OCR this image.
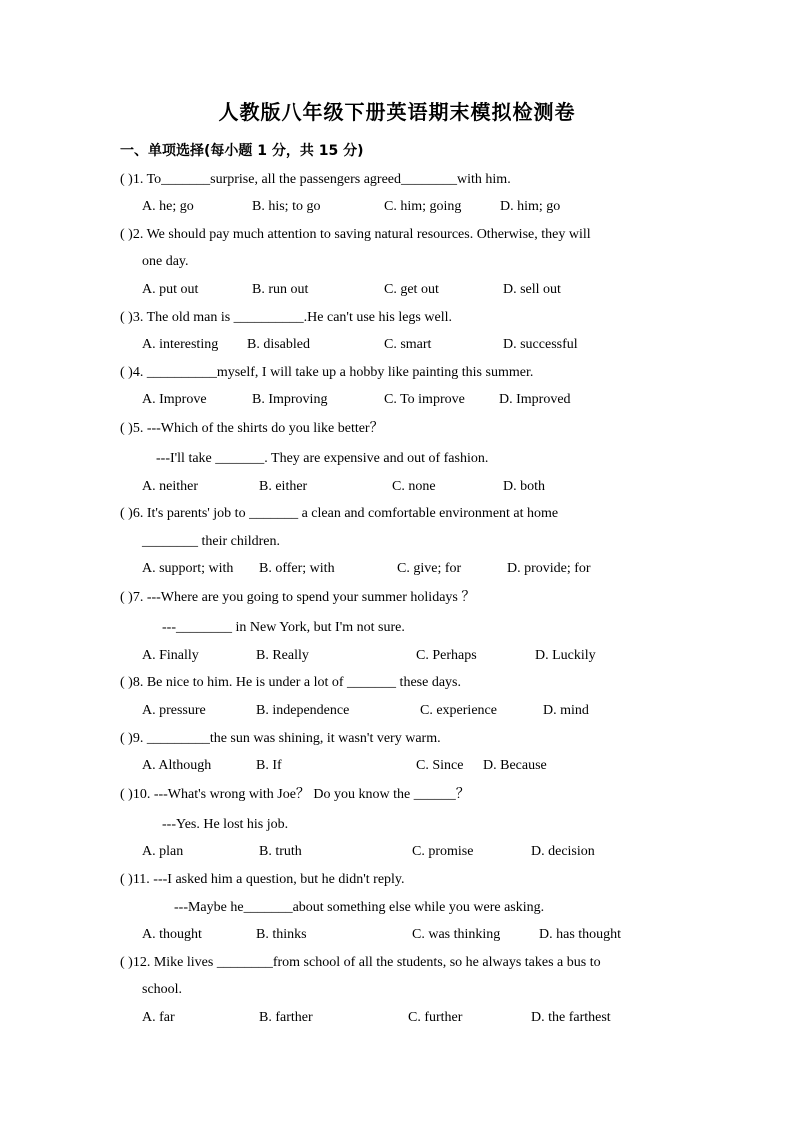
人教版八年级下册英语期末模拟检测卷
一、单项选择(每小题 1 分，共 15 分)
( )1. To_______surprise, all the passengers agreed________with him.
A. he; go	B. his; to go	C. him; going	D. him; go
( )2. We should pay much attention to saving natural resources. Otherwise, they will
one day.
A. put out	B. run out	C. get out	D. sell out
( )3. The old man is __________.He can't use his legs well.
A. interesting B. disabled	C. smart	D. successful
( )4. __________myself, I will take up a hobby like painting this summer.
A. Improve	B. Improving	C. To improve D. Improved
( )5. ---Which of the shirts do you like better？
---I'll take _______. They are expensive and out of fashion.
A. neither	B. either	C. none	D. both
( )6. It's parents' job to _______ a clean and comfortable environment at home
________ their children.
A. support; with B. offer; with	C. give; for	D. provide; for
( )7. ---Where are you going to spend your summer holidays ？
---________ in New York, but I'm not sure.
A. Finally	B. Really	C. Perhaps	D. Luckily
( )8. Be nice to him. He is under a lot of _______ these days.
A. pressure	B. independence	C. experience	D. mind
( )9. _________the sun was shining, it wasn't very warm.
A. Although	B. If	C. Since D. Because
( )10. ---What's wrong with Joe？ Do you know the ______？
---Yes. He lost his job.
A. plan	B. truth	C. promise	D. decision
( )11. ---I asked him a question, but he didn't reply.
---Maybe he_______about something else while you were asking.
A. thought	B. thinks	C. was thinking	D. has thought
( )12. Mike lives ________from school of all the students, so he always takes a bus to
school.
A. far	B. farther	C. further	D. the farthest
